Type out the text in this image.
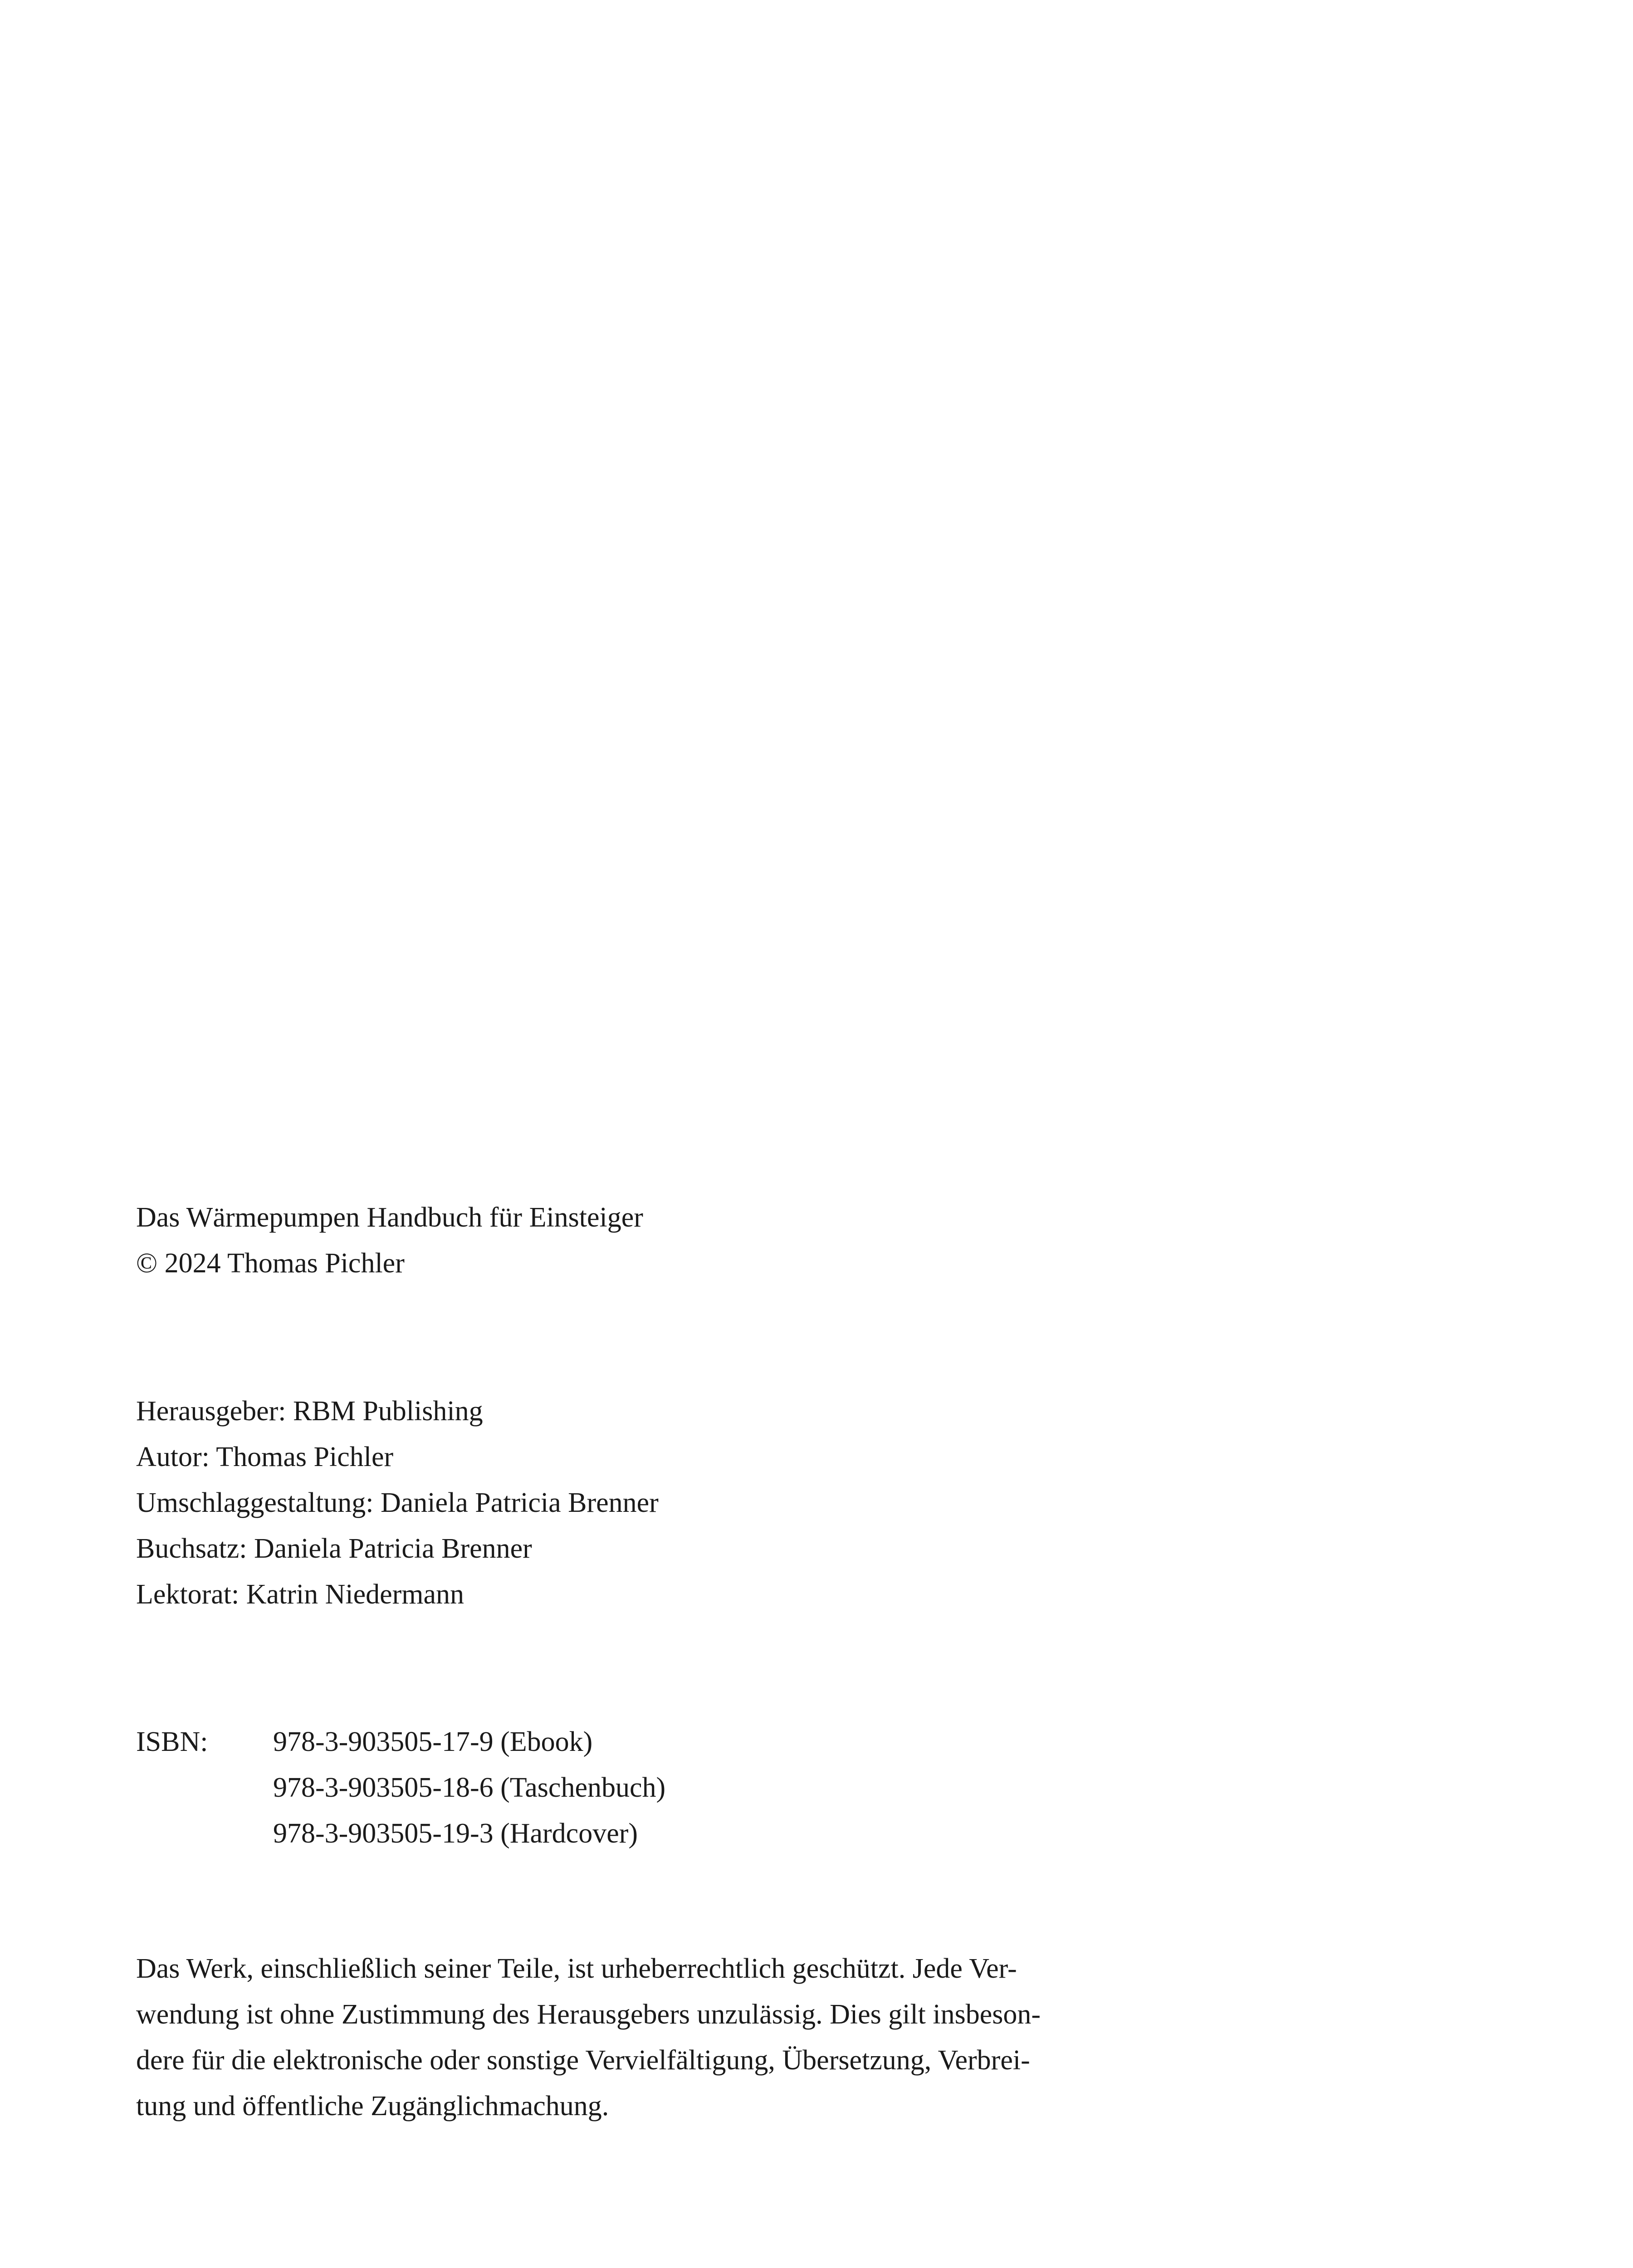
Das Wärmepumpen Handbuch für Einsteiger
© 2024 Thomas Pichler
Herausgeber: RBM Publishing
Autor: Thomas Pichler
Umschlaggestaltung: Daniela Patricia Brenner
Buchsatz: Daniela Patricia Brenner
Lektorat: Katrin Niedermann
ISBN:	978-3-903505-17-9 (Ebook)
978-3-903505-18-6 (Taschenbuch)
978-3-903505-19-3 (Hardcover)
Das Werk, einschließlich seiner Teile, ist urheberrechtlich geschützt. Jede Ver-
wendung ist ohne Zustimmung des Herausgebers unzulässig. Dies gilt insbeson-
dere für die elektronische oder sonstige Vervielfältigung, Übersetzung, Verbrei-
tung und öffentliche Zugänglichmachung.
